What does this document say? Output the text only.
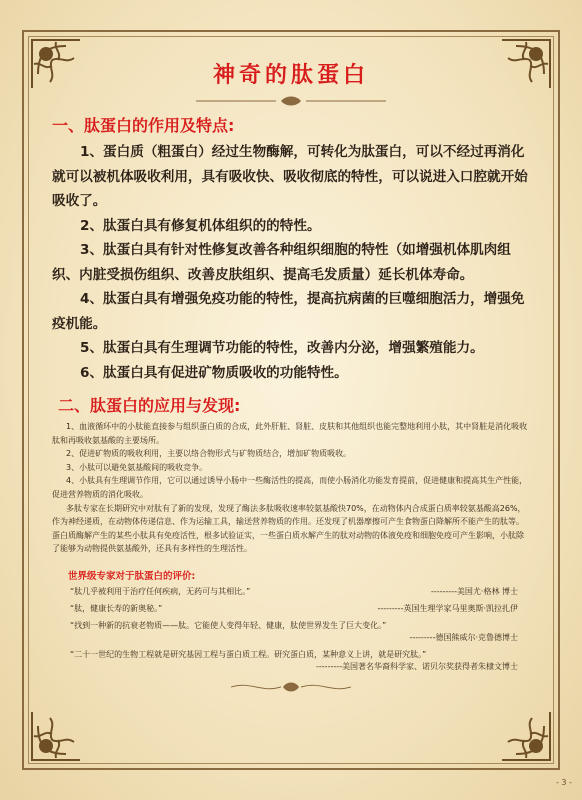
神奇的肽蛋白
一、肽蛋白的作用及特点:

1、蛋白质（粗蛋白）经过生物酶解，可转化为肽蛋白，可以不经过再消化就可以被机体吸收利用，具有吸收快、吸收彻底的特性，可以说进入口腔就开始吸收了。

2、肽蛋白具有修复机体组织的的特性。

3、肽蛋白具有针对性修复改善各种组织细胞的特性（如增强机体肌肉组织、内脏受损伤组织、改善皮肤组织、提高毛发质量）延长机体寿命。

4、肽蛋白具有增强免疫功能的特性，提高抗病菌的巨噬细胞活力，增强免疫机能。

5、肽蛋白具有生理调节功能的特性，改善内分泌，增强繁殖能力。

6、肽蛋白具有促进矿物质吸收的功能特性。

二、肽蛋白的应用与发现:

1、血液循环中的小肽能直接参与组织蛋白质的合成，此外肝脏、肾脏、皮肤和其他组织也能完整地利用小肽，其中肾脏是消化吸收肽和再吸收氨基酸的主要场所。

2、促进矿物质的吸收利用，主要以络合物形式与矿物质结合，增加矿物质吸收。

3、小肽可以避免氨基酸间的吸收竞争。

4、小肽具有生理调节作用，它可以通过诱导小肠中一些酶活性的提高，而使小肠消化功能发育提前，促进健康和提高其生产性能，促进营养物质的消化吸收。

多肽专家在长期研究中对肽有了新的发现，发现了酶法多肽吸收速率较氨基酸快70%，在动物体内合成蛋白质率较氨基酸高26%，作为神经递质，在动物体传递信息、作为运输工具，输送营养物质的作用。还发现了机器摩擦可产生食物蛋白降解所不能产生的肽等。蛋白质酶解产生的某些小肽具有免疫活性，根多试验证实，一些蛋白质水解产生的肽对动物的体液免疫和细胞免疫可产生影响，小肽除了能够为动物提供氨基酸外，还具有多样性的生理活性。

世界级专家对于肽蛋白的评价:
“肽几乎被利用于治疗任何疾病，无药可与其相比。”	---------美国尤·格林 博士
“肽，健康长寿的新奥秘。”	---------英国生理学家马里奥斯·凯拉扎伊
“找到一种新的抗衰老物质——肽。它能使人变得年轻、健康，肽使世界发生了巨大变化。”
---------德国熊威尔·克鲁德博士
“二十一世纪的生物工程就是研究基因工程与蛋白质工程。研究蛋白质，某种意义上讲，就是研究肽。”
---------美国著名华裔科学家、诺贝尔奖获得者朱棣文博士
- 3 -
